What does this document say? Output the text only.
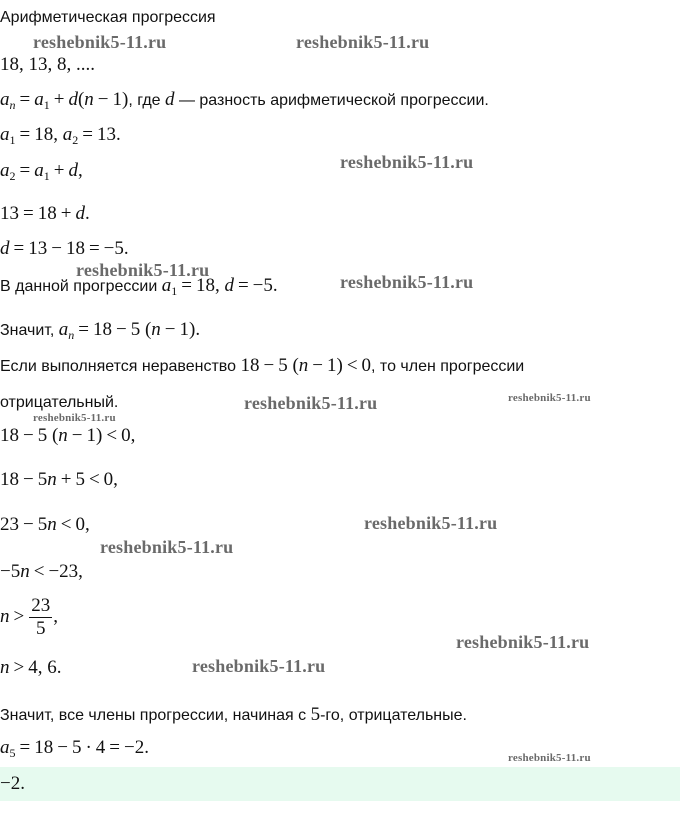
Арифметическая прогрессия
reshebnik5-11.ru	reshebnik5-11.ru
reshebnik5-11.ru
reshebnik5-11.ru
reshebnik5-11.ru
reshebnik5-11.ru	reshebnik5-11.ru
reshebnik5-11.ru
reshebnik5-11.ru
reshebnik5-11.ru
reshebnik5-11.ru
reshebnik5-11.ru
reshebnik5-11.ru
18, 13, 8, ....
$a_n = a_1 + d(n - 1)$, где d — разность арифметической прогрессии.
$a_1 = 18$, $a_2 = 13$.
$a_2 = a_1 + d$,
13 = 18 + d.
d = 13 − 18 = −5.
В данной прогрессии $a_1 = 18$, d = −5.
Значит, $a_n = 18 - 5$ (n − 1).
Если выполняется неравенство 18 − 5 (n − 1) < 0, то член прогрессии
отрицательный.
18 − 5 (n − 1) < 0,
18 − 5n + 5 < 0,
23 − 5n < 0,
−5n < −23,
$n > \frac{23}{5}$ ,
n > 4, 6.
Значит, все члены прогрессии, начиная с 5-го, отрицательные.
$a_5 = 18 - 5 \cdot 4 = -2$.
−2.
